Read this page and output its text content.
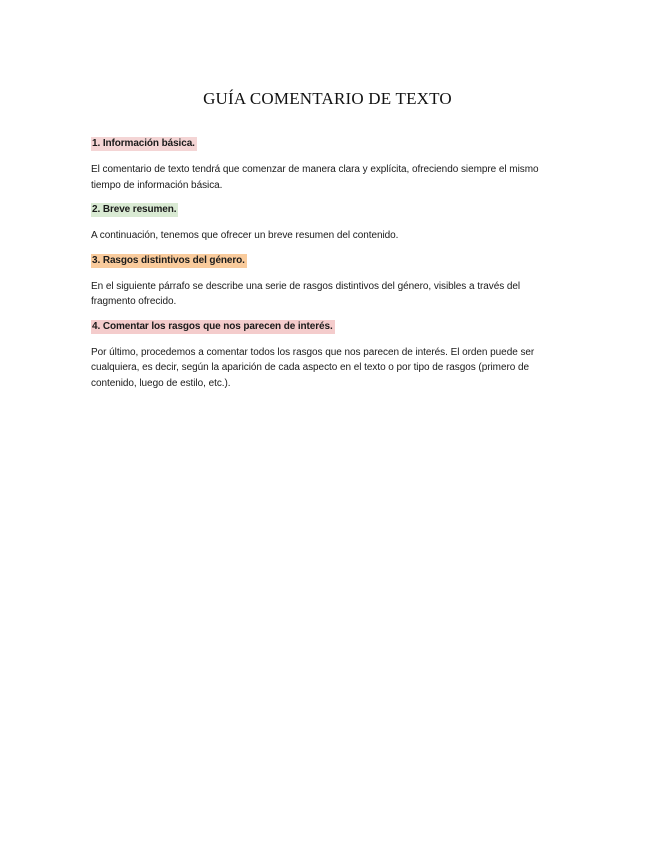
GUÍA COMENTARIO DE TEXTO
1. Información básica.

El comentario de texto tendrá que comenzar de manera clara y explícita, ofreciendo siempre el mismo tiempo de información básica.

2. Breve resumen.

A continuación, tenemos que ofrecer un breve resumen del contenido.

3. Rasgos distintivos del género.

En el siguiente párrafo se describe una serie de rasgos distintivos del género, visibles a través del fragmento ofrecido.

4. Comentar los rasgos que nos parecen de interés.

Por último, procedemos a comentar todos los rasgos que nos parecen de interés. El orden puede ser cualquiera, es decir, según la aparición de cada aspecto en el texto o por tipo de rasgos (primero de contenido, luego de estilo, etc.).
